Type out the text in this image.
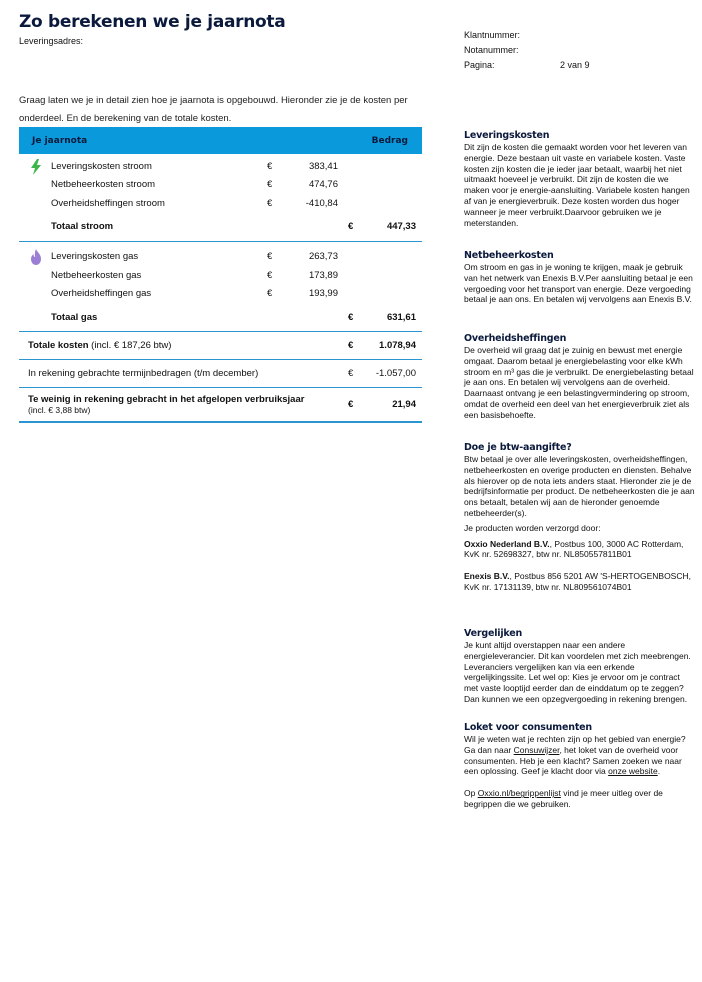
Zo berekenen we je jaarnota
Leveringsadres:
Klantnummer:
Notanummer:
Pagina:	2 van 9
Graag laten we je in detail zien hoe je jaarnota is opgebouwd. Hieronder zie je de kosten per onderdeel. En de berekening van de totale kosten.
Je jaarnota	Bedrag
Leveringskosten stroom	€	383,41
Netbeheerkosten stroom	€	474,76
Overheidsheffingen stroom	€	-410,84
Totaal stroom	€	447,33
Leveringskosten gas	€	263,73
Netbeheerkosten gas	€	173,89
Overheidsheffingen gas	€	193,99
Totaal gas	€	631,61
Totale kosten (incl. € 187,26 btw)	€	1.078,94
In rekening gebrachte termijnbedragen (t/m december)	€ -1.057,00
Te weinig in rekening gebracht in het afgelopen verbruiksjaar
(incl. € 3,88 btw)	€	21,94
Leveringskosten

Dit zijn de kosten die gemaakt worden voor het leveren van energie. Deze bestaan uit vaste en variabele kosten. Vaste kosten zijn kosten die je ieder jaar betaalt, waarbij het niet uitmaakt hoeveel je verbruikt. Dit zijn de kosten die we maken voor je energie-aansluiting. Variabele kosten hangen af van je energieverbruik. Deze kosten worden dus hoger wanneer je meer verbruikt.Daarvoor gebruiken we je meterstanden.

Netbeheerkosten

Om stroom en gas in je woning te krijgen, maak je gebruik van het netwerk van Enexis B.V.Per aansluiting betaal je een vergoeding voor het transport van energie. Deze vergoeding betaal je aan ons. En betalen wij vervolgens aan Enexis B.V.

Overheidsheffingen

De overheid wil graag dat je zuinig en bewust met energie omgaat. Daarom betaal je energiebelasting voor elke kWh stroom en m³ gas die je verbruikt. De energiebelasting betaal je aan ons. En betalen wij vervolgens aan de overheid. Daarnaast ontvang je een belastingvermindering op stroom, omdat de overheid een deel van het energieverbruik ziet als een basisbehoefte.

Doe je btw-aangifte?

Btw betaal je over alle leveringskosten, overheidsheffingen, netbeheerkosten en overige producten en diensten. Behalve als hierover op de nota iets anders staat. Hieronder zie je de bedrijfsinformatie per product. De netbeheerkosten die je aan ons betaalt, betalen wij aan de hieronder genoemde netbeheerder(s).

Je producten worden verzorgd door:

Oxxio Nederland B.V., Postbus 100, 3000 AC Rotterdam, KvK nr. 52698327, btw nr. NL850557811B01

Enexis B.V., Postbus 856 5201 AW 'S-HERTOGENBOSCH, KvK nr. 17131139, btw nr. NL809561074B01

Vergelijken

Je kunt altijd overstappen naar een andere energieleverancier. Dit kan voordelen met zich meebrengen. Leveranciers vergelijken kan via een erkende vergelijkingssite. Let wel op: Kies je ervoor om je contract met vaste looptijd eerder dan de einddatum op te zeggen? Dan kunnen we een opzegvergoeding in rekening brengen.

Loket voor consumenten

Wil je weten wat je rechten zijn op het gebied van energie? Ga dan naar Consuwijzer, het loket van de overheid voor consumenten. Heb je een klacht? Samen zoeken we naar een oplossing. Geef je klacht door via onze website.

Op Oxxio.nl/begrippenlijst vind je meer uitleg over de begrippen die we gebruiken.
